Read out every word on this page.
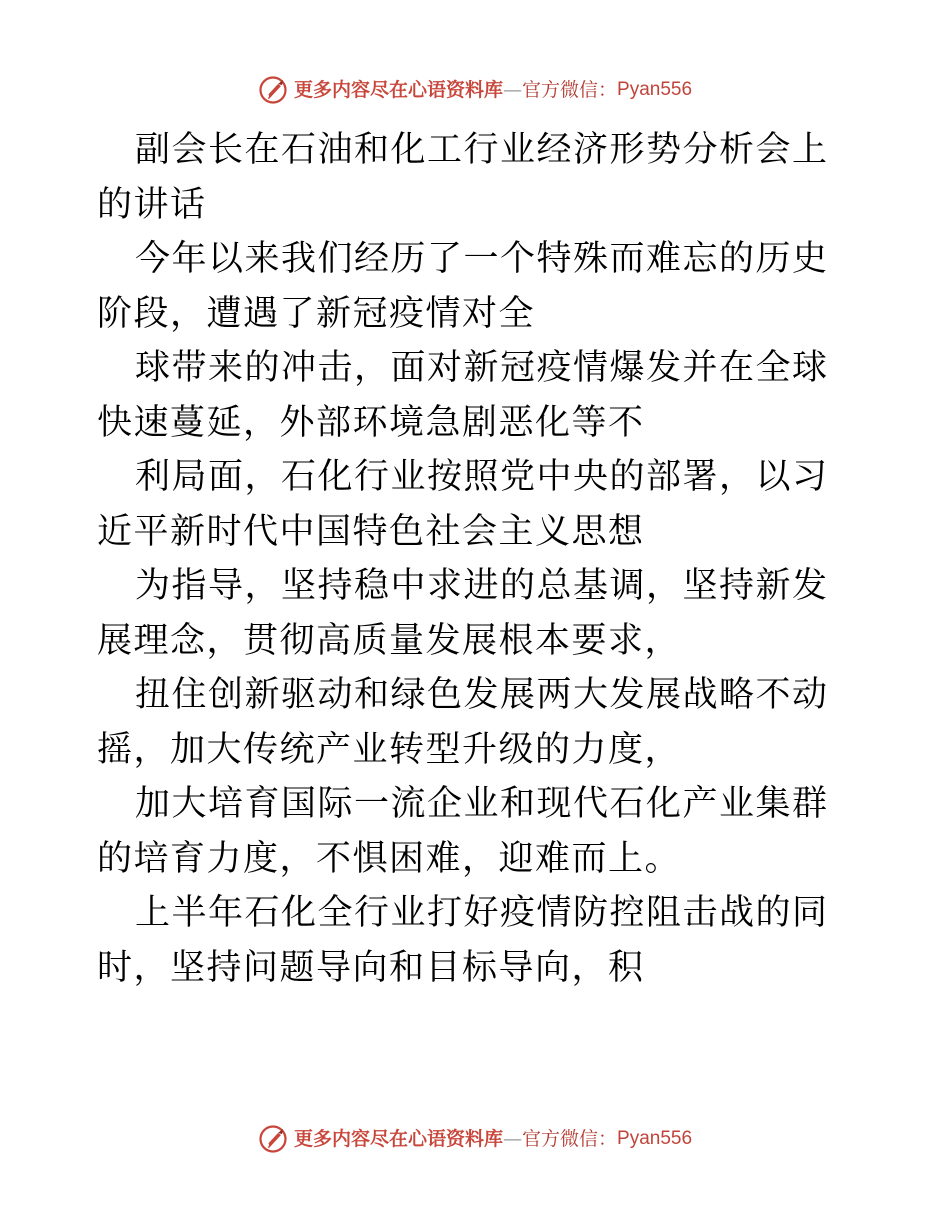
更多内容尽在心语资料库 — 官方微信 ： Pyan556

副会长在石油和化工行业经济形势分析会上的讲话

今年以来我们经历了一个特殊而难忘的历史阶段，遭遇了新冠疫情对全

球带来的冲击，面对新冠疫情爆发并在全球快速蔓延，外部环境急剧恶化等不

利局面，石化行业按照党中央的部署，以习近平新时代中国特色社会主义思想

为指导，坚持稳中求进的总基调，坚持新发展理念，贯彻高质量发展根本要求，

扭住创新驱动和绿色发展两大发展战略不动摇，加大传统产业转型升级的力度，

加大培育国际一流企业和现代石化产业集群的培育力度，不惧困难，迎难而上。

上半年石化全行业打好疫情防控阻击战的同时，坚持问题导向和目标导向，积

更多内容尽在心语资料库 — 官方微信 ： Pyan556
